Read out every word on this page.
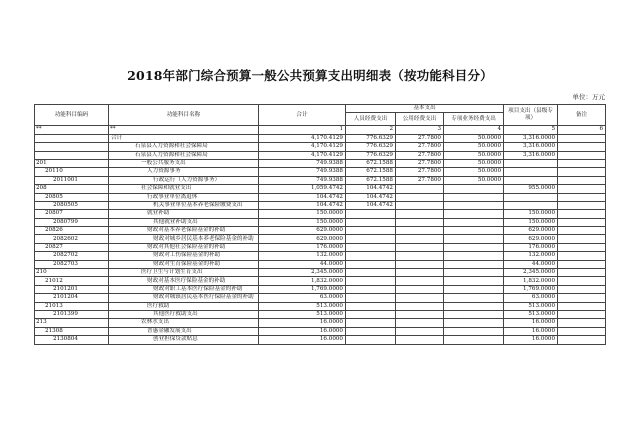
2018年部门综合预算一般公共预算支出明细表（按功能科目分）
单位：万元
功能科目编码	功能科目名称	合计	基本支出			项目支出（县级专项）	备注
			人员经费支出	公用经费支出	专项业务经费支出		
**	**	1	2	3	4	5	6
	合计	4,170.4129	776.6329	27.7800	50.0000	3,316.0000	
	石泉县人力资源和社会保障局	4,170.4129	776.6329	27.7800	50.0000	3,316.0000	
	石泉县人力资源和社会保障局	4,170.4129	776.6329	27.7800	50.0000	3,316.0000	
201	一般公共服务支出	749.9388	672.1588	27.7800	50.0000		
20110	人力资源事务	749.9388	672.1588	27.7800	50.0000		
2011001	行政运行（人力资源事务）	749.9388	672.1588	27.7800	50.0000		
208	社会保障和就业支出	1,059.4742	104.4742			955.0000	
20805	行政事业单位离退休	104.4742	104.4742				
2080505	机关事业单位基本养老保险缴费支出	104.4742	104.4742				
20807	就业补助	150.0000				150.0000	
2080799	其他就业补助支出	150.0000				150.0000	
20826	财政对基本养老保险基金的补助	629.0000				629.0000	
2082602	财政对城乡居民基本养老保险基金的补助	629.0000				629.0000	
20827	财政对其他社会保险基金的补助	176.0000				176.0000	
2082702	财政对工伤保险基金的补助	132.0000				132.0000	
2082703	财政对生育保险基金的补助	44.0000				44.0000	
210	医疗卫生与计划生育支出	2,345.0000				2,345.0000	
21012	财政对基本医疗保险基金的补助	1,832.0000				1,832.0000	
2101201	财政对职工基本医疗保险基金的补助	1,769.0000				1,769.0000	
2101204	财政对城镇居民基本医疗保险基金的补助	63.0000				63.0000	
21013	医疗救助	513.0000				513.0000	
2101399	其他医疗救助支出	513.0000				513.0000	
213	农林水支出	16.0000				16.0000	
21308	普惠金融发展支出	16.0000				16.0000	
2130804	创业担保贷款贴息	16.0000				16.0000	
